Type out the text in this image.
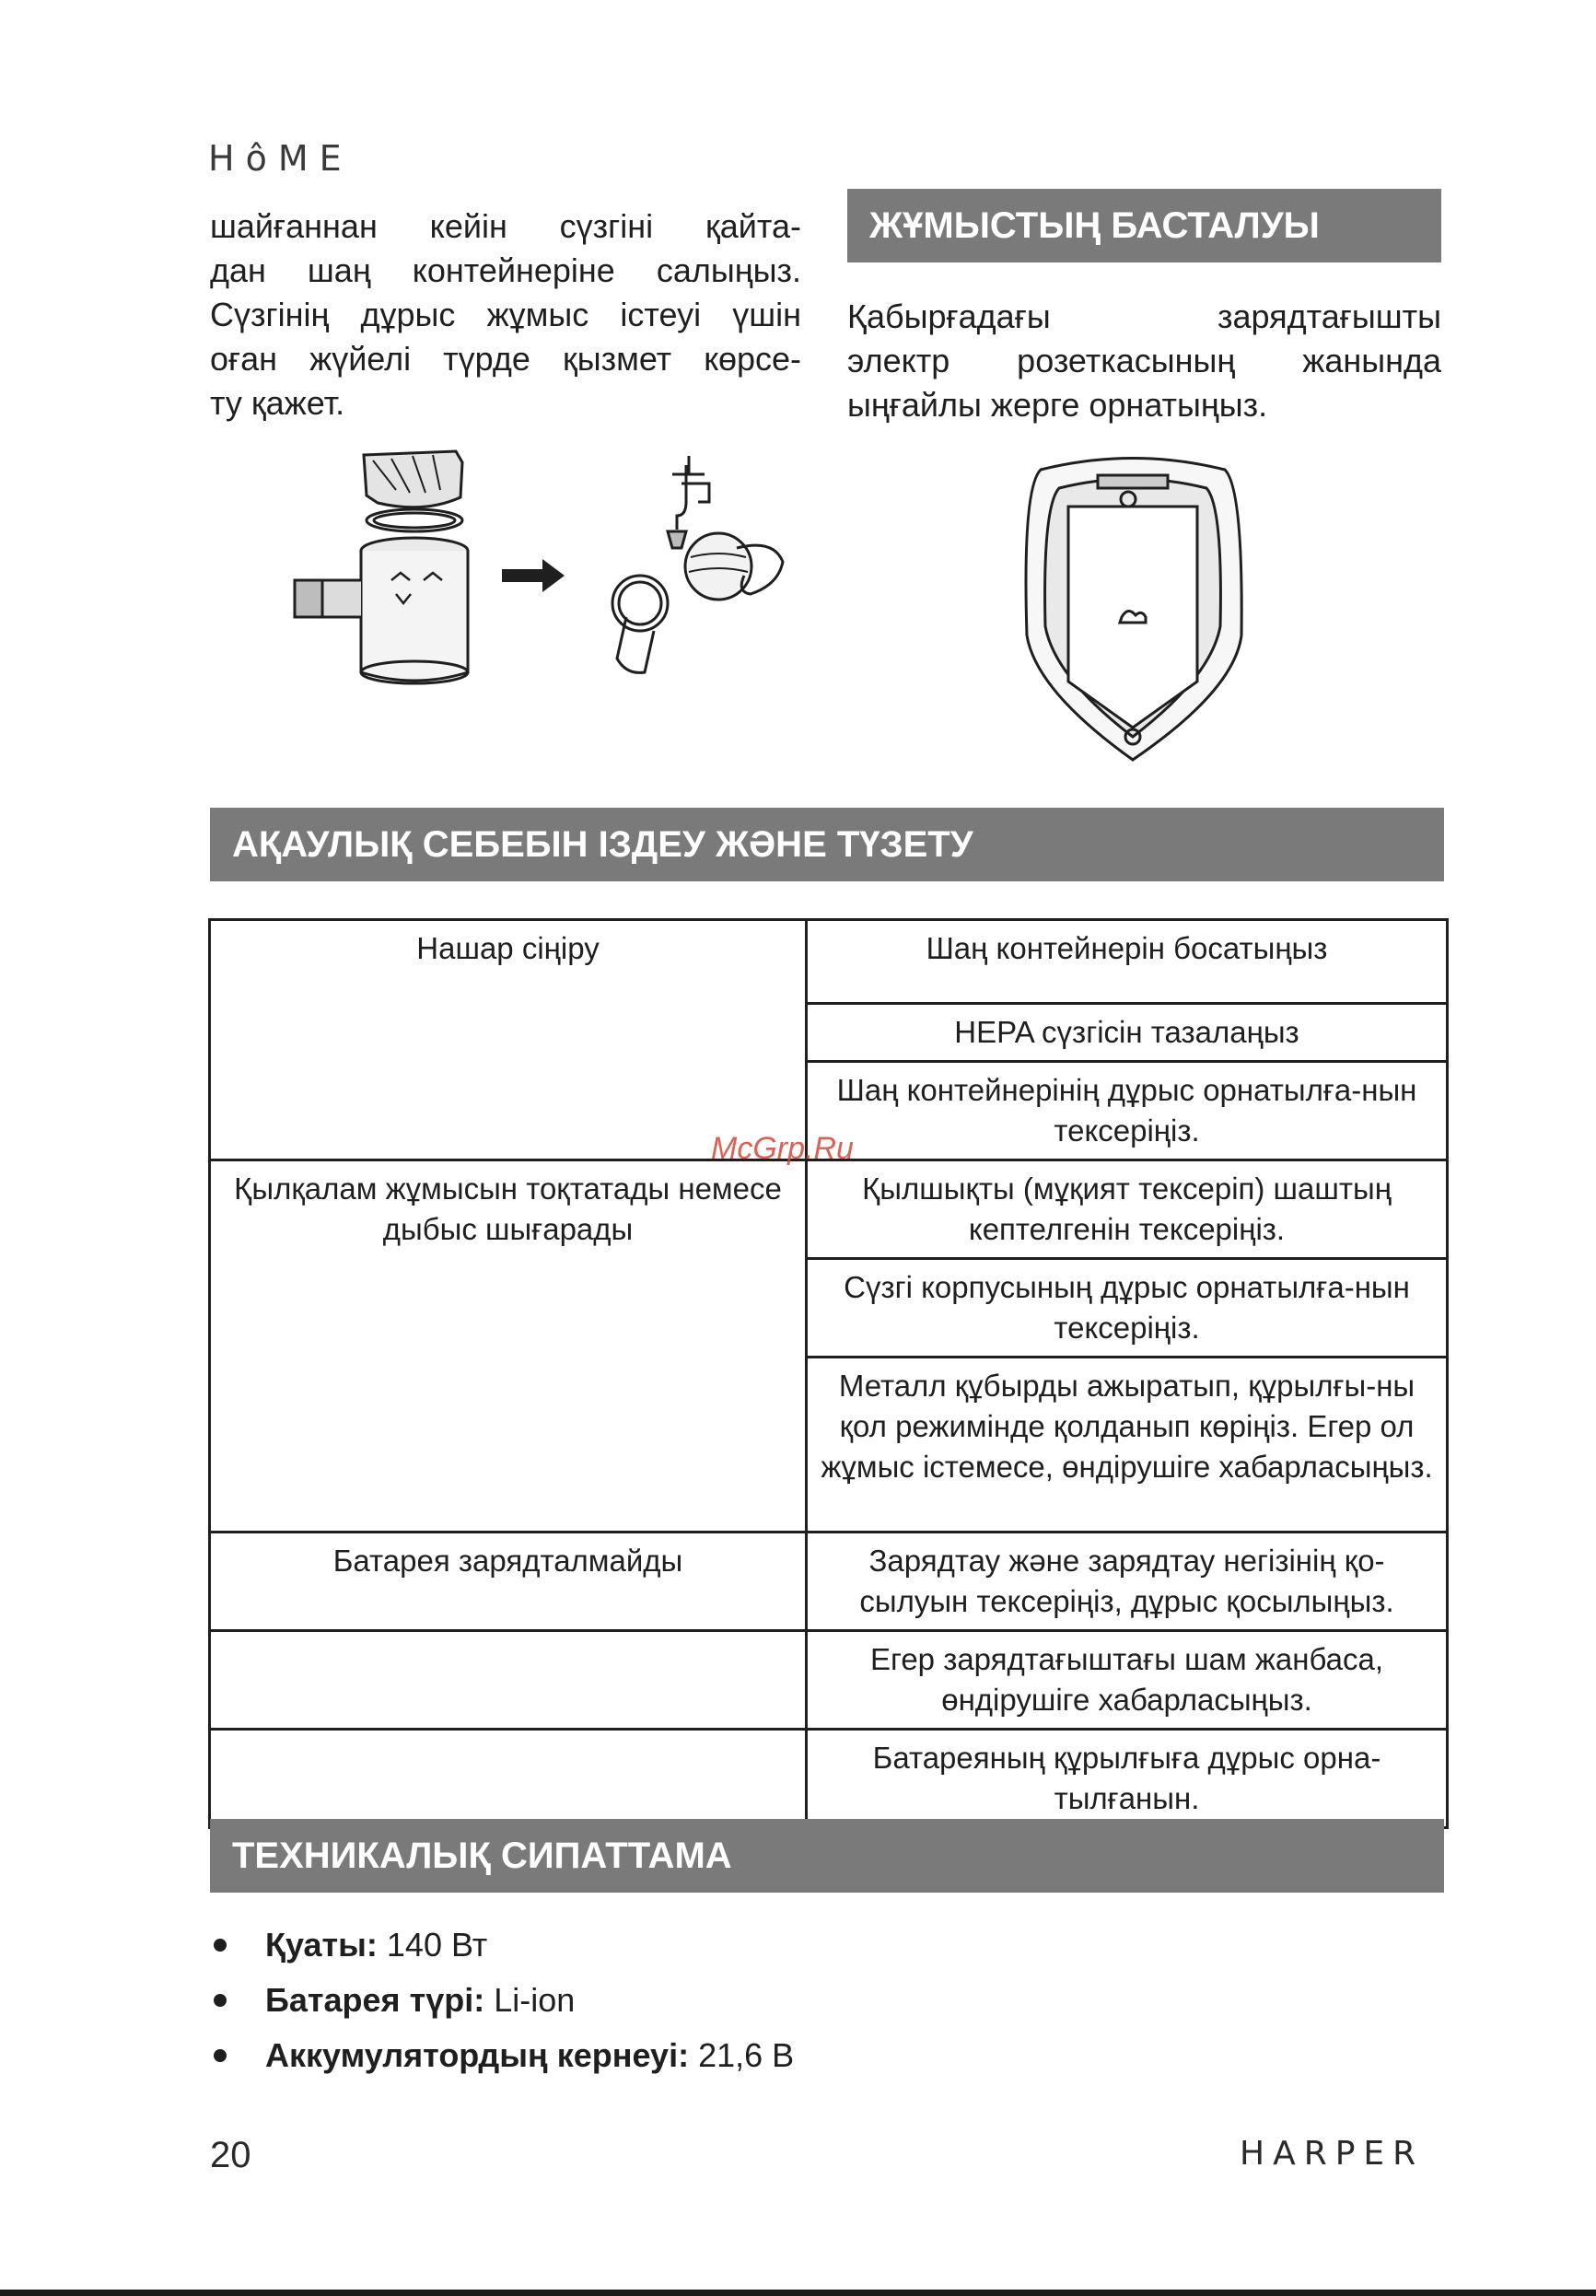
HôME
шайғаннан кейін сүзгіні қайта-
дан шаң контейнеріне салыңыз.
Сүзгінің дұрыс жұмыс істеуі үшін
оған жүйелі түрде қызмет көрсе-
ту қажет.
ЖҰМЫСТЫҢ БАСТАЛУЫ
Қабырғадағы зарядтағышты
электр розеткасының жанында
ыңғайлы жерге орнатыңыз.
АҚАУЛЫҚ СЕБЕБІН ІЗДЕУ ЖӘНЕ ТҮЗЕТУ
Нашар сіңіру	Шаң контейнерін босатыңыз
	HEPA сүзгісін тазалаңыз
	Шаң контейнерінің дұрыс орнатылға-нын тексеріңіз.
Қылқалам жұмысын тоқтатады немесе дыбыс шығарады	Қылшықты (мұқият тексеріп) шаштың кептелгенін тексеріңіз.
	Сүзгі корпусының дұрыс орнатылға-нын тексеріңіз.
	Металл құбырды ажыратып, құрылғы-ны қол режимінде қолданып көріңіз. Егер ол жұмыс істемесе, өндірушіге хабарласыңыз.
Батарея зарядталмайды	Зарядтау және зарядтау негізінің қо-сылуын тексеріңіз, дұрыс қосылыңыз.
	Егер зарядтағыштағы шам жанбаса, өндірушіге хабарласыңыз.
	Батареяның құрылғыға дұрыс орна-тылғанын.
McGrp.Ru
ТЕХНИКАЛЫҚ СИПАТТАМА
Қуаты: 140 Вт
Батарея түрі: Li-ion
Аккумулятордың кернеуі: 21,6 В
20	HARPER
